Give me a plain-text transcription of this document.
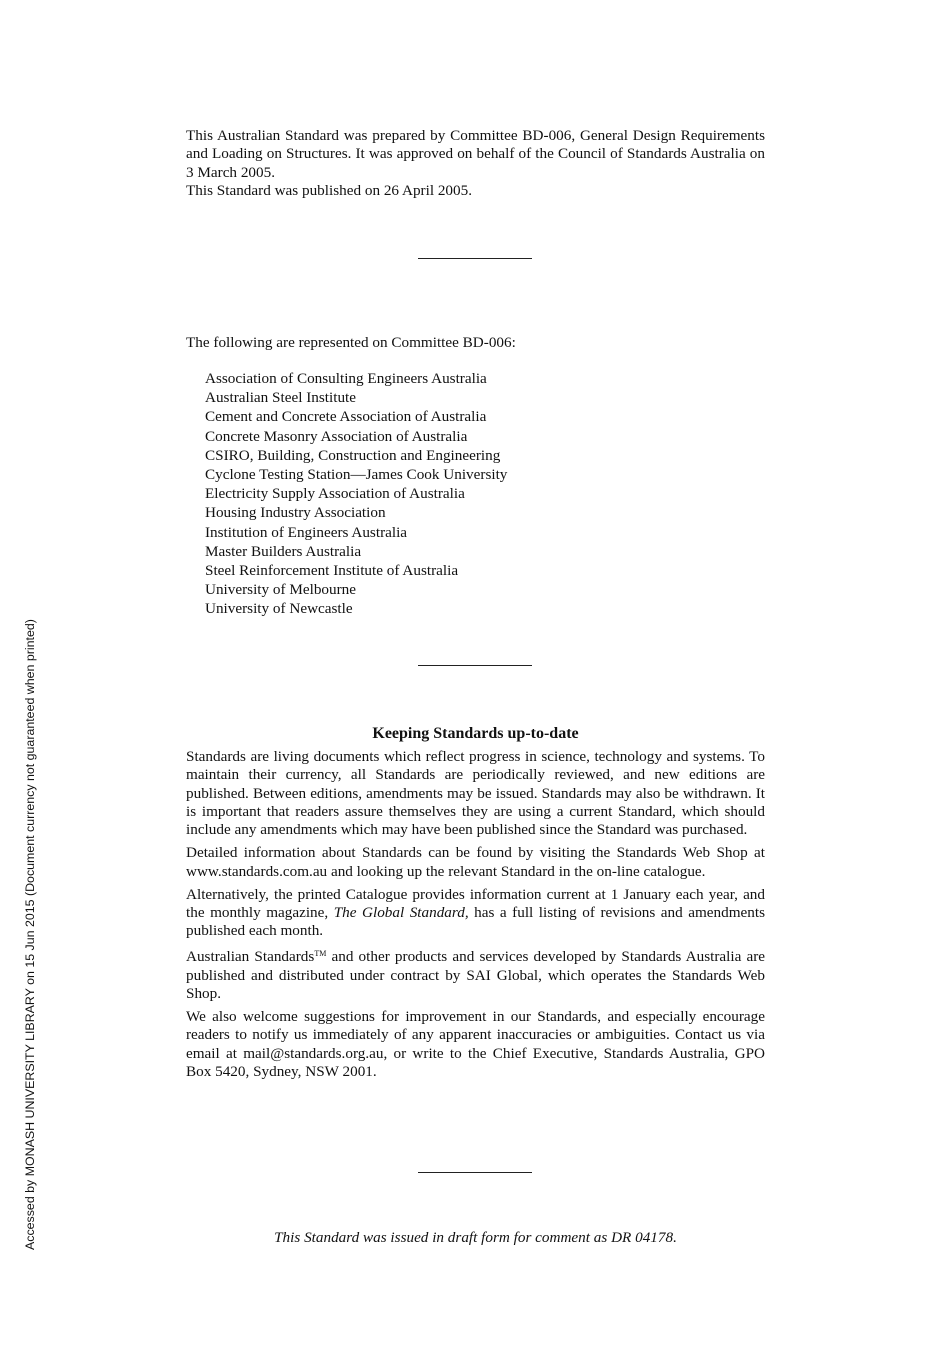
Accessed by MONASH UNIVERSITY LIBRARY on 15 Jun 2015 (Document currency not guaranteed when printed)

This Australian Standard was prepared by Committee BD-006, General Design Requirements and Loading on Structures. It was approved on behalf of the Council of Standards Australia on 3 March 2005.

This Standard was published on 26 April 2005.

The following are represented on Committee BD-006:

Association of Consulting Engineers Australia
Australian Steel Institute
Cement and Concrete Association of Australia
Concrete Masonry Association of Australia
CSIRO, Building, Construction and Engineering
Cyclone Testing Station—James Cook University
Electricity Supply Association of Australia
Housing Industry Association
Institution of Engineers Australia
Master Builders Australia
Steel Reinforcement Institute of Australia
University of Melbourne
University of Newcastle
Keeping Standards up-to-date

Standards are living documents which reflect progress in science, technology and systems. To maintain their currency, all Standards are periodically reviewed, and new editions are published. Between editions, amendments may be issued. Standards may also be withdrawn. It is important that readers assure themselves they are using a current Standard, which should include any amendments which may have been published since the Standard was purchased.

Detailed information about Standards can be found by visiting the Standards Web Shop at www.standards.com.au and looking up the relevant Standard in the on-line catalogue.

Alternatively, the printed Catalogue provides information current at 1 January each year, and the monthly magazine, The Global Standard, has a full listing of revisions and amendments published each month.

Australian Standards™ and other products and services developed by Standards Australia are published and distributed under contract by SAI Global, which operates the Standards Web Shop.

We also welcome suggestions for improvement in our Standards, and especially encourage readers to notify us immediately of any apparent inaccuracies or ambiguities. Contact us via email at mail@standards.org.au, or write to the Chief Executive, Standards Australia, GPO Box 5420, Sydney, NSW 2001.

This Standard was issued in draft form for comment as DR 04178.
